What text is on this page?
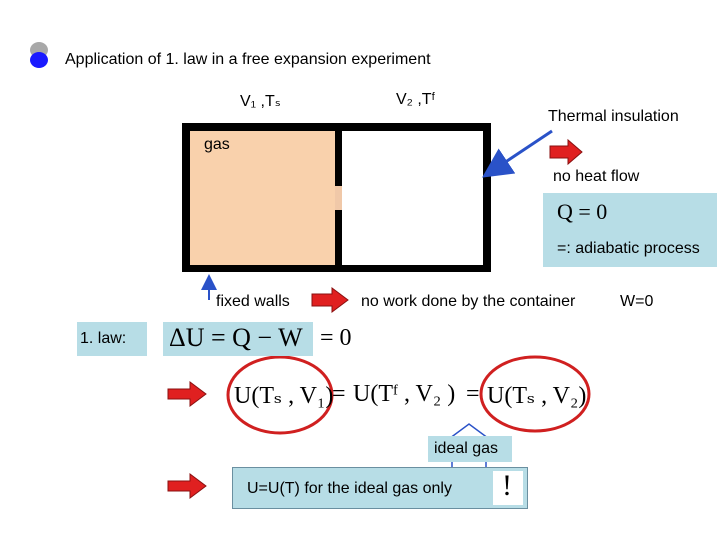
Application of 1. law in a free expansion experiment
V₁ ,Tₛ	V₂ ,Tᶠ
Thermal insulation
gas
no heat flow
Q = 0
=: adiabatic process
fixed walls	no work done by the container	W=0
1. law: ΔU = Q − W = 0
U(Tₛ , V₁)
= U(Tᶠ , V₂ ) = U(Tₛ , V₂)
ideal gas
U=U(T) for the ideal gas only !
